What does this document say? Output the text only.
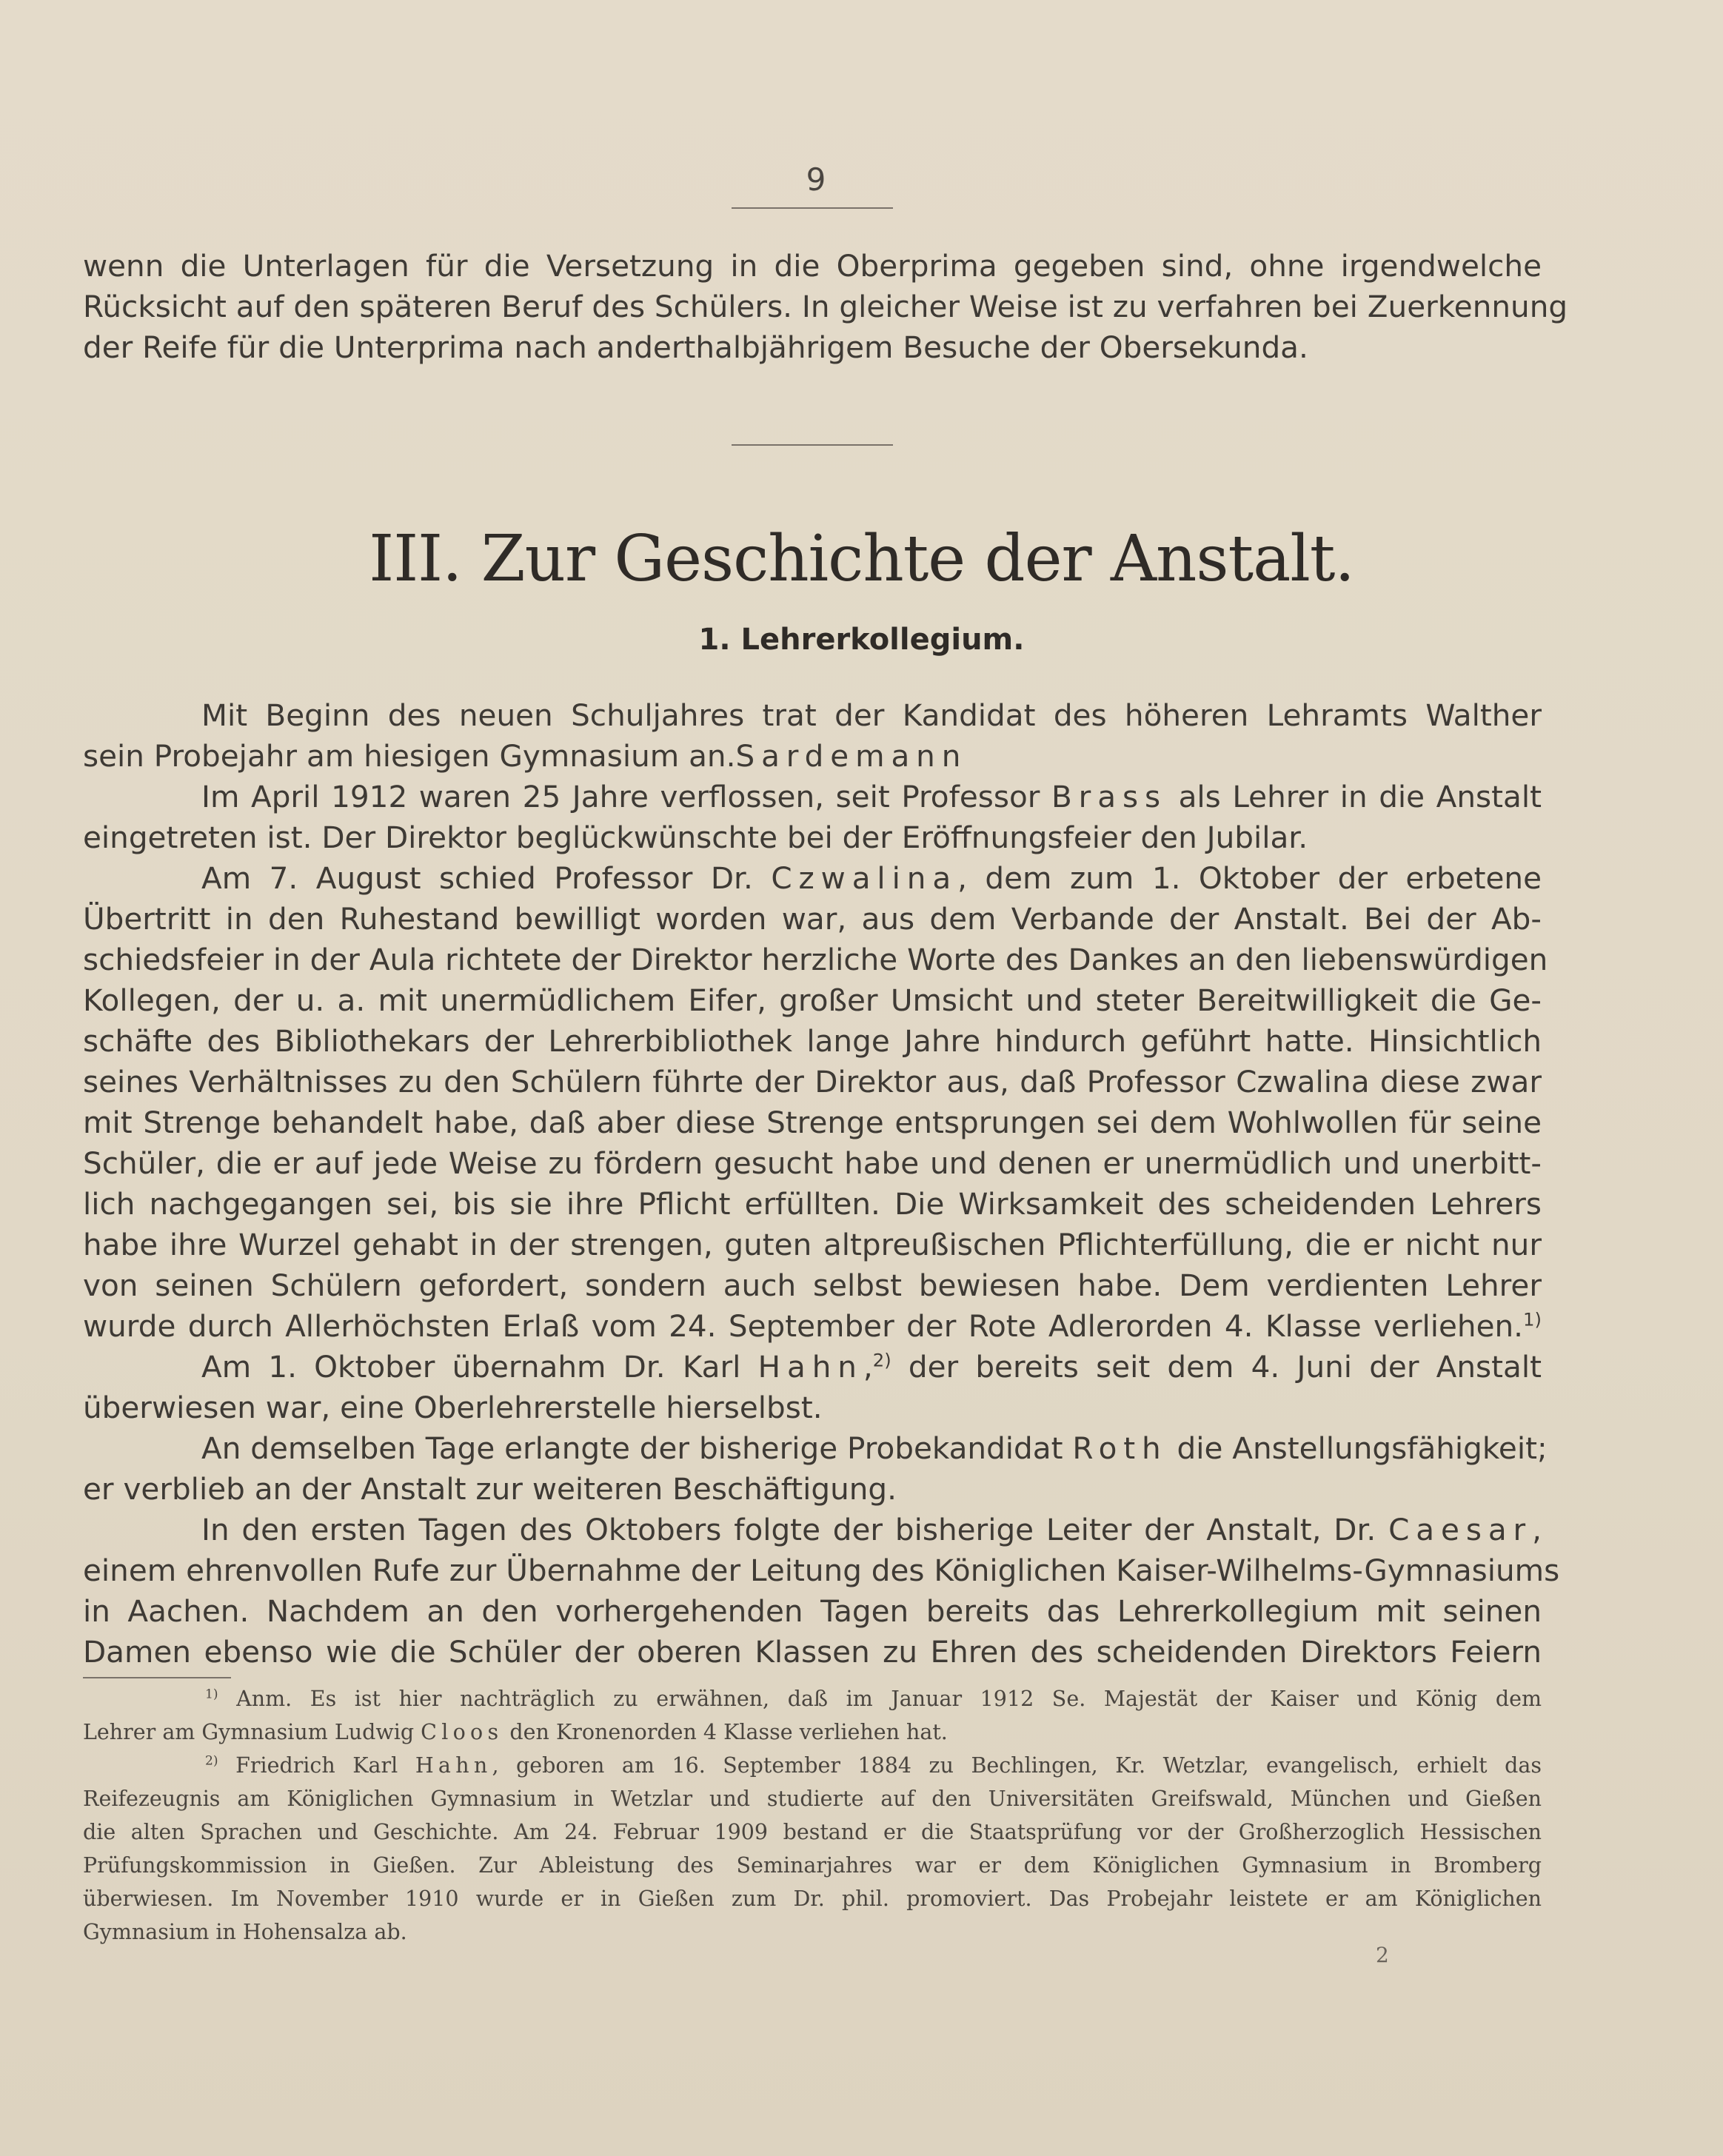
9
wenn die Unterlagen für die Versetzung in die Oberprima gegeben sind, ohne irgendwelche
Rücksicht auf den späteren Beruf des Schülers. In gleicher Weise ist zu verfahren bei Zuerkennung
der Reife für die Unterprima nach anderthalbjährigem Besuche der Obersekunda.
III. Zur Geschichte der Anstalt.
1. Lehrerkollegium.
Mit Beginn des neuen Schuljahres trat der Kandidat des höheren Lehramts Walther
sein Probejahr am hiesigen Gymnasium an.Sardemann
Im April 1912 waren 25 Jahre verflossen, seit Professor Brass als Lehrer in die Anstalt
eingetreten ist. Der Direktor beglückwünschte bei der Eröffnungsfeier den Jubilar.
Am 7. August schied Professor Dr. Czwalina, dem zum 1. Oktober der erbetene
Übertritt in den Ruhestand bewilligt worden war, aus dem Verbande der Anstalt. Bei der Ab-
schiedsfeier in der Aula richtete der Direktor herzliche Worte des Dankes an den liebenswürdigen
Kollegen, der u. a. mit unermüdlichem Eifer, großer Umsicht und steter Bereitwilligkeit die Ge-
schäfte des Bibliothekars der Lehrerbibliothek lange Jahre hindurch geführt hatte. Hinsichtlich
seines Verhältnisses zu den Schülern führte der Direktor aus, daß Professor Czwalina diese zwar
mit Strenge behandelt habe, daß aber diese Strenge entsprungen sei dem Wohlwollen für seine
Schüler, die er auf jede Weise zu fördern gesucht habe und denen er unermüdlich und unerbitt-
lich nachgegangen sei, bis sie ihre Pflicht erfüllten. Die Wirksamkeit des scheidenden Lehrers
habe ihre Wurzel gehabt in der strengen, guten altpreußischen Pflichterfüllung, die er nicht nur
von seinen Schülern gefordert, sondern auch selbst bewiesen habe. Dem verdienten Lehrer
wurde durch Allerhöchsten Erlaß vom 24. September der Rote Adlerorden 4. Klasse verliehen.$^{1)}$
Am 1. Oktober übernahm Dr. Karl Hahn,$^{2)}$ der bereits seit dem 4. Juni der Anstalt
überwiesen war, eine Oberlehrerstelle hierselbst.
An demselben Tage erlangte der bisherige Probekandidat Roth die Anstellungsfähigkeit;
er verblieb an der Anstalt zur weiteren Beschäftigung.
In den ersten Tagen des Oktobers folgte der bisherige Leiter der Anstalt, Dr. Caesar,
einem ehrenvollen Rufe zur Übernahme der Leitung des Königlichen Kaiser-Wilhelms-Gymnasiums
in Aachen. Nachdem an den vorhergehenden Tagen bereits das Lehrerkollegium mit seinen
Damen ebenso wie die Schüler der oberen Klassen zu Ehren des scheidenden Direktors Feiern
$^{1)}$ Anm. Es ist hier nachträglich zu erwähnen, daß im Januar 1912 Se. Majestät der Kaiser und König dem
Lehrer am Gymnasium Ludwig Cloos den Kronenorden 4 Klasse verliehen hat.
$^{2)}$ Friedrich Karl Hahn, geboren am 16. September 1884 zu Bechlingen, Kr. Wetzlar, evangelisch, erhielt das
Reifezeugnis am Königlichen Gymnasium in Wetzlar und studierte auf den Universitäten Greifswald, München und Gießen
die alten Sprachen und Geschichte. Am 24. Februar 1909 bestand er die Staatsprüfung vor der Großherzoglich Hessischen
Prüfungskommission in Gießen. Zur Ableistung des Seminarjahres war er dem Königlichen Gymnasium in Bromberg
überwiesen. Im November 1910 wurde er in Gießen zum Dr. phil. promoviert. Das Probejahr leistete er am Königlichen
Gymnasium in Hohensalza ab.
2
